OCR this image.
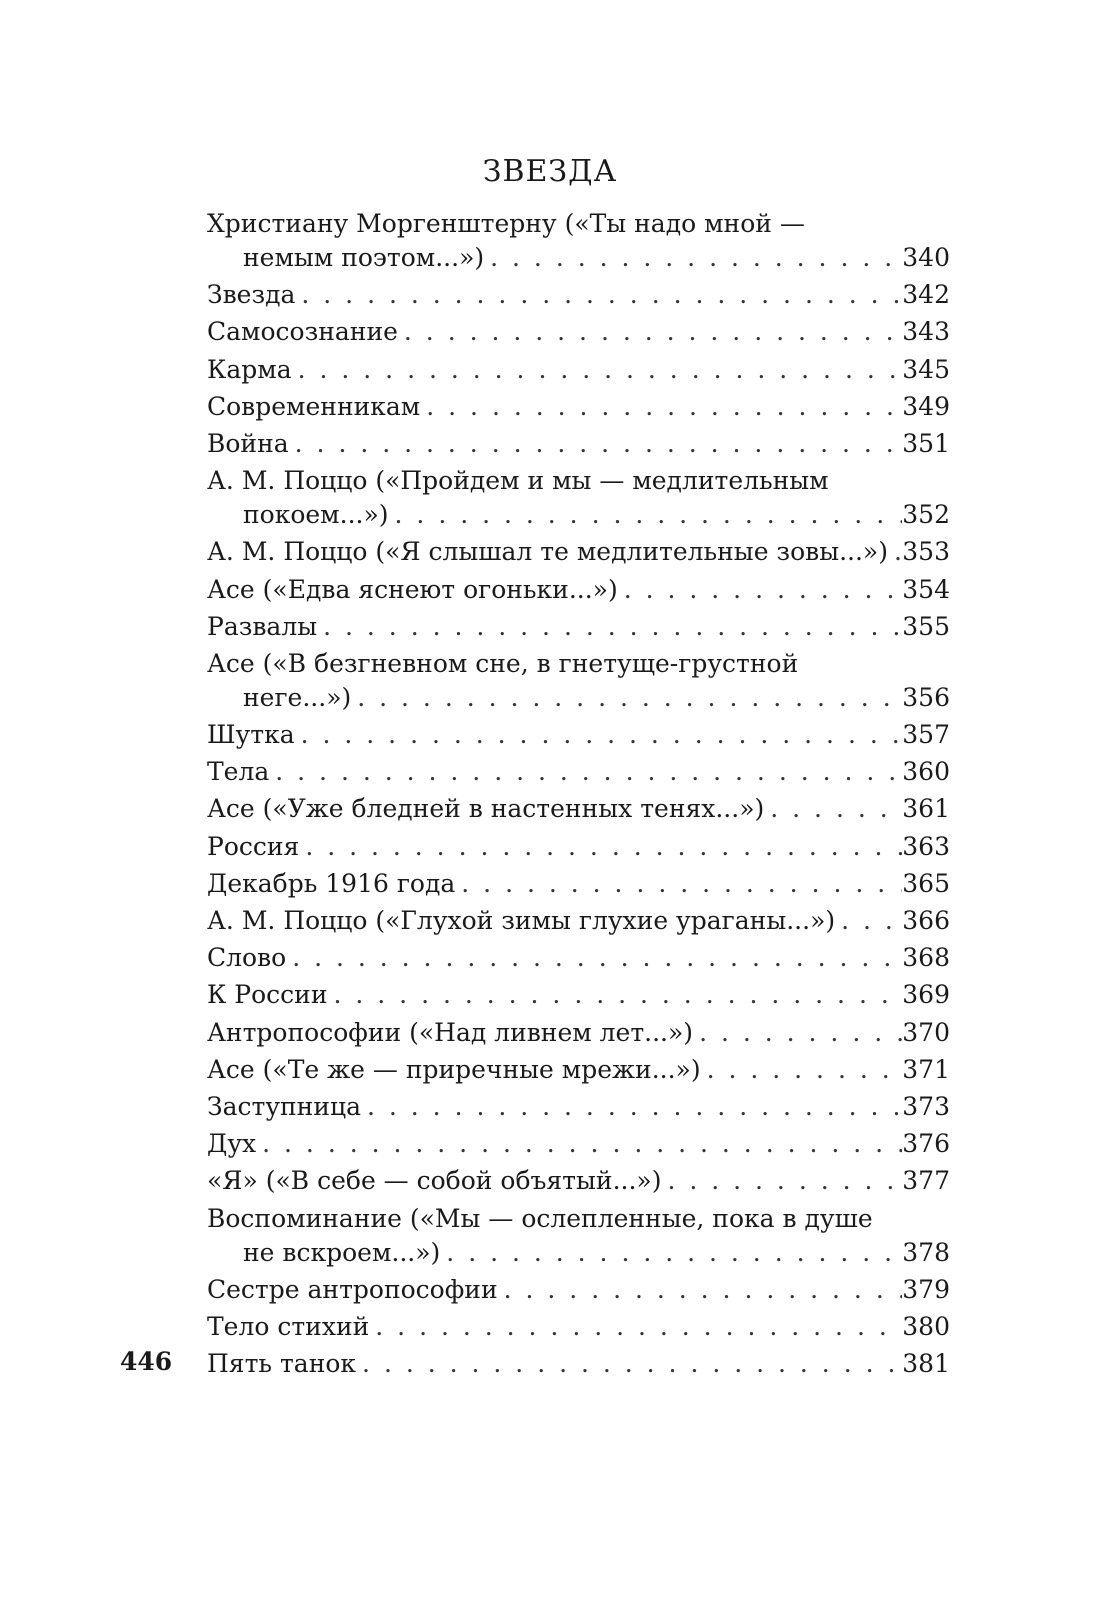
ЗВЕЗДА
Христиану Моргенштерну («Ты надо мной —
немым поэтом...») . . .	340
Звезда . . .	342
Самосознание . . .	343
Карма . . .	345
Современникам . . .	349
Война . . .	351
А. М. Поццо («Пройдем и мы — медлительным
покоем...») . . .	352
А. М. Поццо («Я слышал те медлительные зовы...») . . . 353
Асе («Едва яснеют огоньки...») . . .	354
Развалы . . .	355
Асе («В безгневном сне, в гнетуще-грустной
неге...») . . .	356
Шутка . . .	357
Тела . . .	360
Асе («Уже бледней в настенных тенях...») . . .	361
Россия . . .	363
Декабрь 1916 года . . .	365
А. М. Поццо («Глухой зимы глухие ураганы...») . . .	366
Слово . . .	368
К России . . .	369
Антропософии («Над ливнем лет...») . . .	370
Асе («Те же — приречные мрежи...») . . .	371
Заступница . . .	373
Дух . . .	376
«Я» («В себе — собой объятый...») . . .	377
Воспоминание («Мы — ослепленные, пока в душе
не вскроем...») . . .	378
Сестре антропософии . . .	379
Тело стихий . . .	380
Пять танок . . .	381
446
